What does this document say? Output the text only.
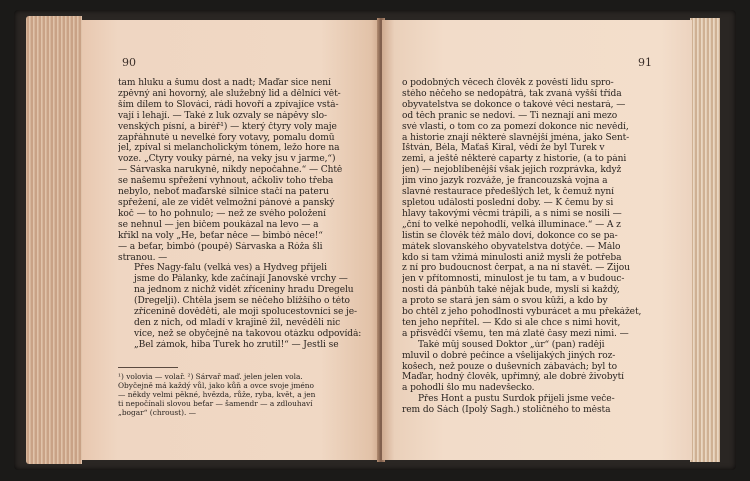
90
tam hluku a šumu dost a nadt; Maďar sice není
zpěvný ani hovorný, ale služebný lid a dělníci vět-
ším dílem to Slováci, rádi hovoří a zpívajíce vstá-
vají i lehají. — Také z luk ozvaly se nápěvy slo-
venských písní, a biréř¹) — který čtyry voly maje
zapřáhnuté u nevelké fory votavy, pomalu domů
jel, zpíval si melancholickým tónem, ležo hore na
voze. „Ctyry vouky párné, na veky jsu v jarme,“)
— Sárvaska narukyně, nikdy nepočahne.“ — Chtě
se našemu spřežení vyhnout, ačkoliv toho třeba
nebylo, neboť maďarské silnice stačí na pateru
spřežení, ale ze vidět velmožní pánové a panský
koč — to ho pohnulo; — než ze svého položení
se nehnul — jen bičem poukázal na levo — a
křikl na voly „He, beťar něce — bimbó něce!“
— a beťar, bimbó (poupě) Sárvaska a Róža šli
stranou. —
Přes Nagy-falu (velká ves) a Hydveg přijeli
jsme do Pálanky, kde začínají Janovské vrchy —
na jednom z nichž vidět zříceniny hradu Dregelu
(Dregelji). Chtěla jsem se něčeho blížšího o této
zřícenině dověděti, ale moji spolucestovníci se je-
den z nich, od mladí v krajině žil, nevěděli nic
více, než se obyčejně na takovou otázku odpovídá:
„Bel zámok, hiba Turek ho zrutil!“ — Jestli se
¹) volovia — volař. ²) Sárvař maď. jelen jelen vola.
Obyčejně má každý vůl, jako kůň a ovce svoje jméno
— někdy velmi pěkné, hvězda, růže, ryba, květ, a jen
ti nepočínali slovou beťar — šamendr — a zdlouhaví
„bogar“ (chroust). —
91
o podobných věcech člověk z pověstí lidu spro-
stého něčeho se nedopátrá, tak zvaná vyšší třída
obyvatelstva se dokonce o takové věci nestará, —
od těch pranic se nedoví. — Ti neznají ani mezo
své vlasti, o tom co za pomezí dokonce nic nevědí,
a historie znají některé slavnější jména, jako Šent-
Ištván, Béla, Maťaš Kiral, vědí že byl Turek v
zemi, a ještě některé caparty z historie, (a to páni
jen) — nejoblíbenější však jejich rozprávka, když
jim víno jazyk rozváže, je francouzská vojna a
slavné restaurace předešlých let, k čemuž nyní
spletou události poslední doby. — K čemu by si
hlavy takovými věcmi trápili, a s nimi se nosili —
„ční to velké nepohodlí, velká illuminace.“ — A z
listin se člověk též málo doví, dokonce co se pa-
mátek slovanského obyvatelstva dotýče. — Málo
kdo si tam vžimá minulosti aniž myslí že potřeba
z ní pro budoucnost čerpat, a na ní stavět. — Žijou
jen v přítomnosti, minulost je tu tam, a v budouc-
nosti dá pánbůh také nějak bude, myslí si každý,
a proto se stará jen sám o svou kůži, a kdo by
bo chtěl z jeho pohodlnosti vyburácet a mu překážet,
ten jeho nepřítel. — Kdo si ale chce s nimi hovit,
a přisvědčí všemu, ten má zlaté časy mezi nimi. —
Také můj soused Doktor „úr“ (pan) raději
mluvil o dobré pečínce a všelijakých jiných roz-
košech, než pouze o duševních zábavách; byl to
Maďar, hodný člověk, upřímný, ale dobré živobytí
a pohodlí šlo mu nadevšecko.
Přes Hont a pustu Surdok přijeli jsme veče-
rem do Sách (Ipolý Sagh.) stoličného to města
